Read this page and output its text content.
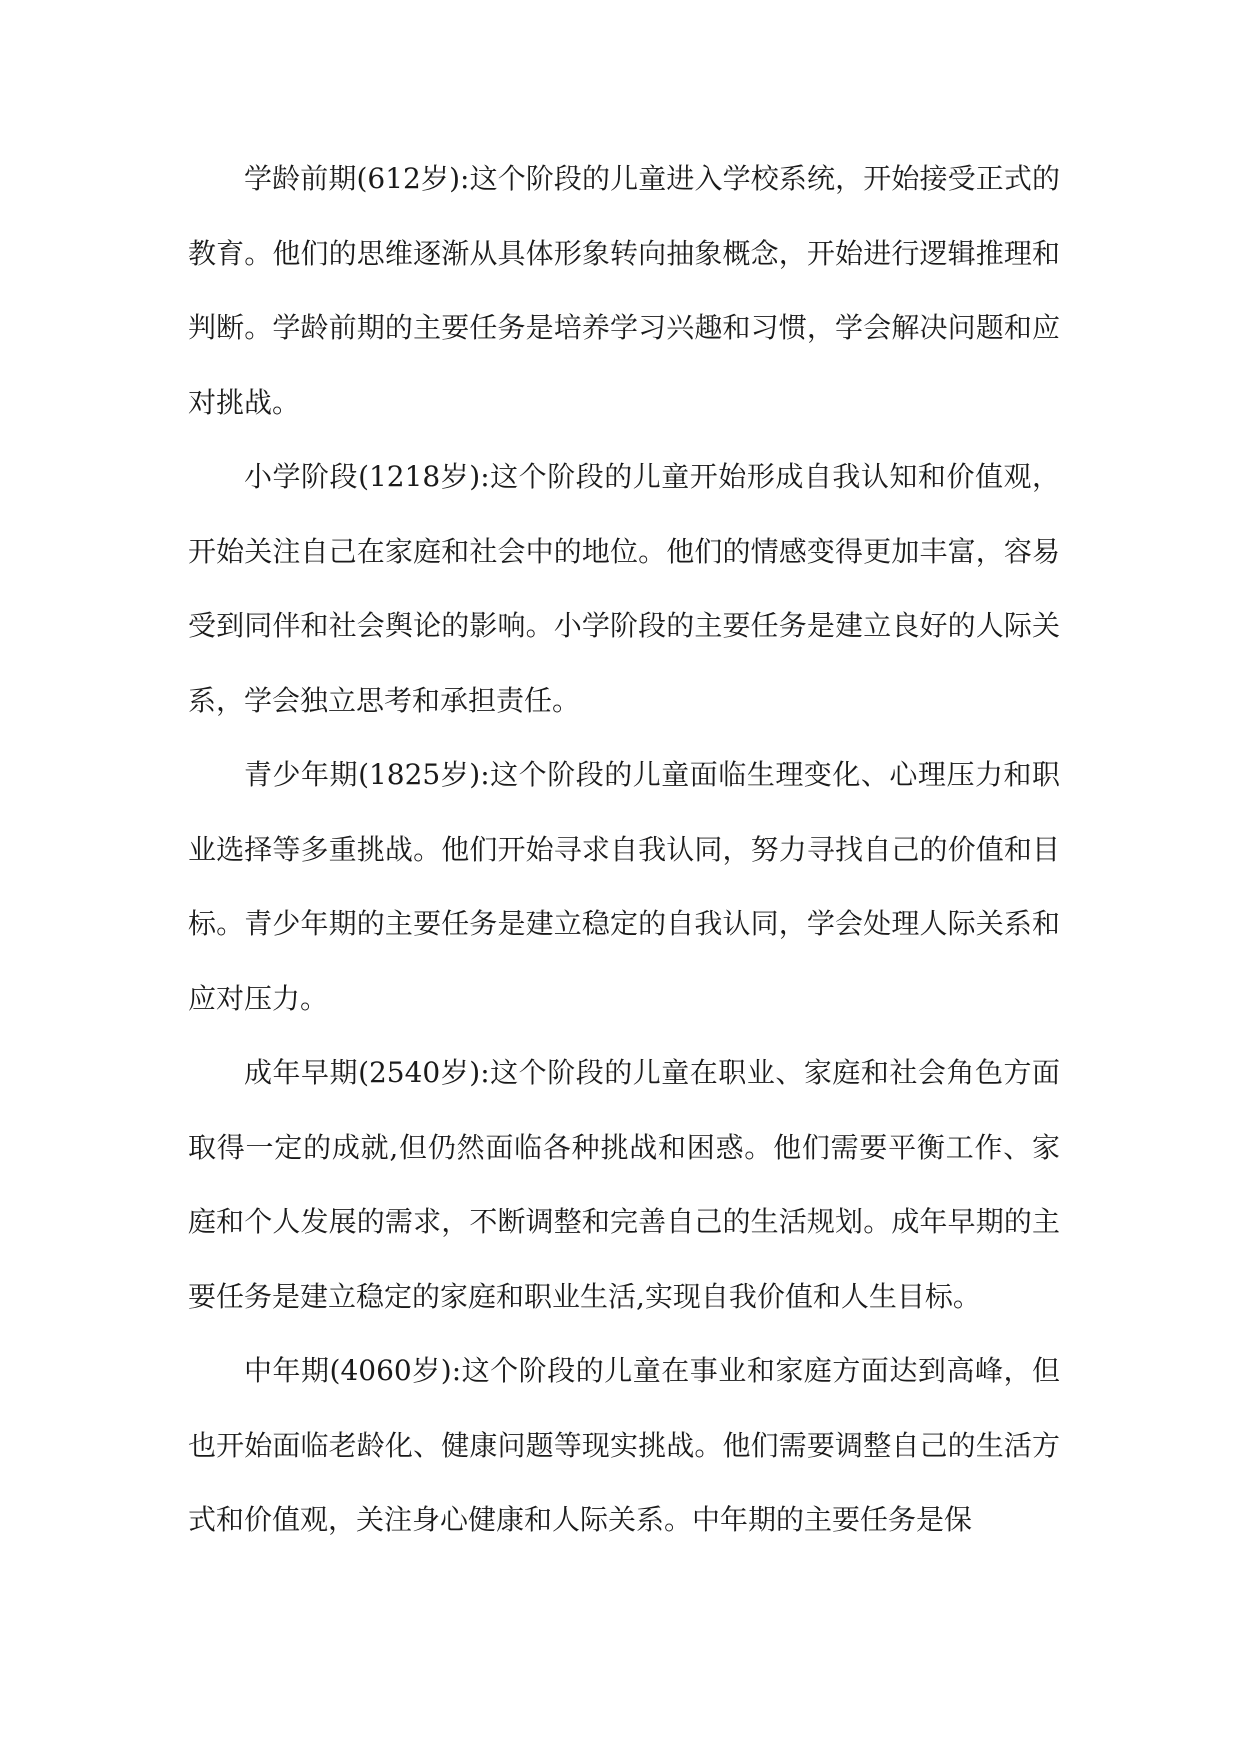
学龄前期(612岁):这个阶段的儿童进入学校系统，开始接受正式的教育。他们的思维逐渐从具体形象转向抽象概念，开始进行逻辑推理和判断。学龄前期的主要任务是培养学习兴趣和习惯，学会解决问题和应对挑战。

小学阶段(1218岁):这个阶段的儿童开始形成自我认知和价值观，开始关注自己在家庭和社会中的地位。他们的情感变得更加丰富，容易受到同伴和社会舆论的影响。小学阶段的主要任务是建立良好的人际关系，学会独立思考和承担责任。

青少年期(1825岁):这个阶段的儿童面临生理变化、心理压力和职业选择等多重挑战。他们开始寻求自我认同，努力寻找自己的价值和目标。青少年期的主要任务是建立稳定的自我认同，学会处理人际关系和应对压力。

成年早期(2540岁):这个阶段的儿童在职业、家庭和社会角色方面取得一定的成就,但仍然面临各种挑战和困惑。他们需要平衡工作、家庭和个人发展的需求，不断调整和完善自己的生活规划。成年早期的主要任务是建立稳定的家庭和职业生活,实现自我价值和人生目标。

中年期(4060岁):这个阶段的儿童在事业和家庭方面达到高峰，但也开始面临老龄化、健康问题等现实挑战。他们需要调整自己的生活方式和价值观，关注身心健康和人际关系。中年期的主要任务是保
